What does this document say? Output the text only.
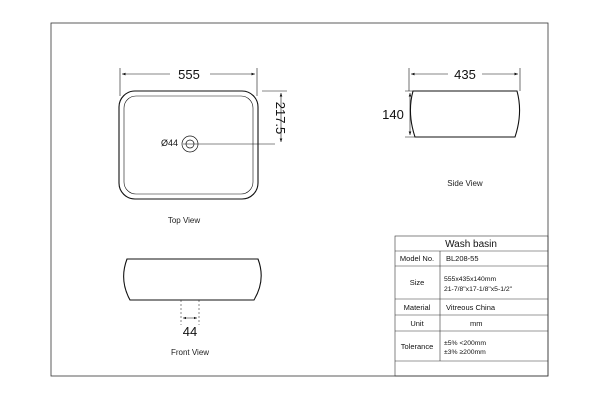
555
Ø44
217.5
Top View
435
140
Side View
44
Front View
Wash basin
Model No. BL208-55
Size	555x435x140mm
21-7/8"x17-1/8"x5-1/2"
Material Vitreous China
Unit	mm
Tolerance ±5% <200mm
±3% ≥200mm
